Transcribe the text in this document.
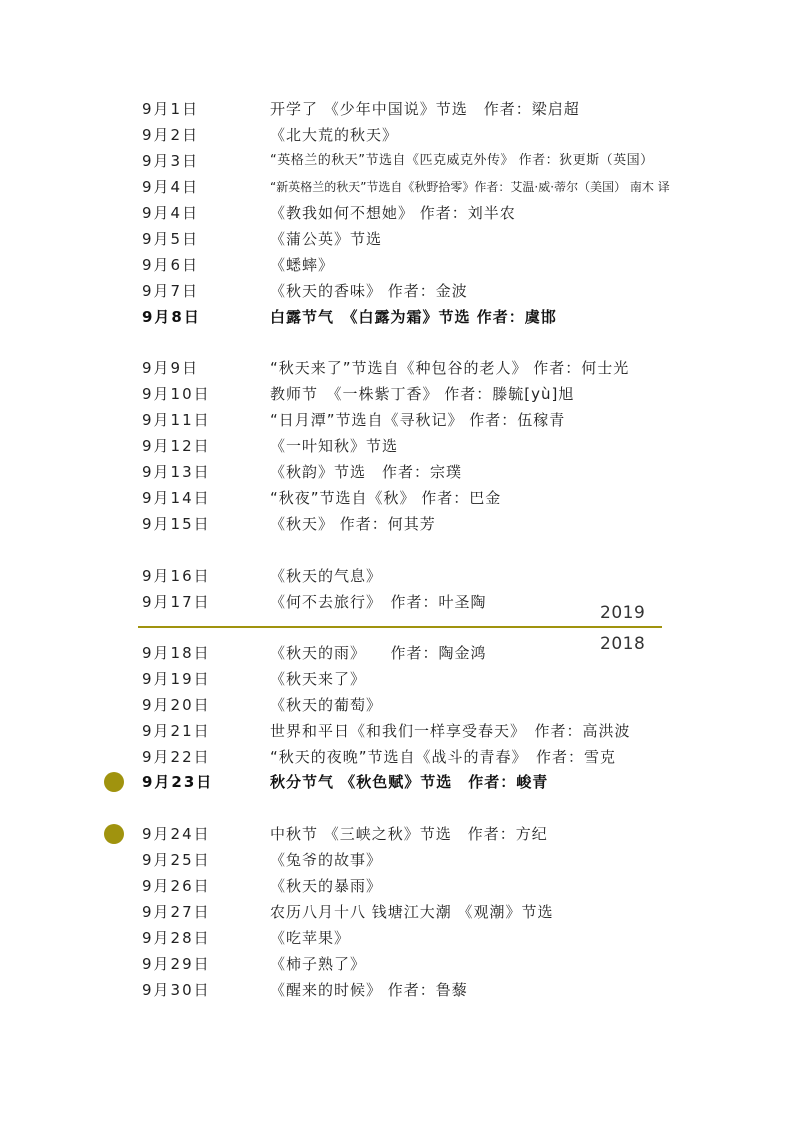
9月1日	开学了 《少年中国说》节选　作者：梁启超
9月2日	《北大荒的秋天》
9月3日	“英格兰的秋天”节选自《匹克威克外传》 作者：狄更斯（英国）
9月4日	“新英格兰的秋天”节选自《秋野拾零》作者：艾温·威·蒂尔（美国） 南木 译
9月4日	《教我如何不想她》 作者：刘半农
9月5日	《蒲公英》节选
9月6日	《蟋蟀》
9月7日	《秋天的香味》 作者：金波
9月8日	白露节气　《白露为霜》节选 作者：虞邯
9月9日	“秋天来了”节选自《种包谷的老人》 作者：何士光
9月10日	教师节　《一株紫丁香》 作者：滕毓[yù]旭
9月11日	“日月潭”节选自《寻秋记》 作者：伍稼青
9月12日	《一叶知秋》节选
9月13日	《秋韵》节选　作者：宗璞
9月14日	“秋夜”节选自《秋》 作者：巴金
9月15日	《秋天》 作者：何其芳
9月16日	《秋天的气息》
9月17日	《何不去旅行》　作者：叶圣陶
2019
2018
9月18日	《秋天的雨》　　作者：陶金鸿
9月19日	《秋天来了》
9月20日	《秋天的葡萄》
9月21日	世界和平日《和我们一样享受春天》　作者：高洪波
9月22日	“秋天的夜晚”节选自《战斗的青春》　作者：雪克
9月23日	秋分节气 《秋色赋》节选　作者：峻青
9月24日	中秋节 《三峡之秋》节选　作者：方纪
9月25日	《兔爷的故事》
9月26日	《秋天的暴雨》
9月27日	农历八月十八 钱塘江大潮 《观潮》节选
9月28日	《吃苹果》
9月29日	《柿子熟了》
9月30日	《醒来的时候》 作者：鲁藜
